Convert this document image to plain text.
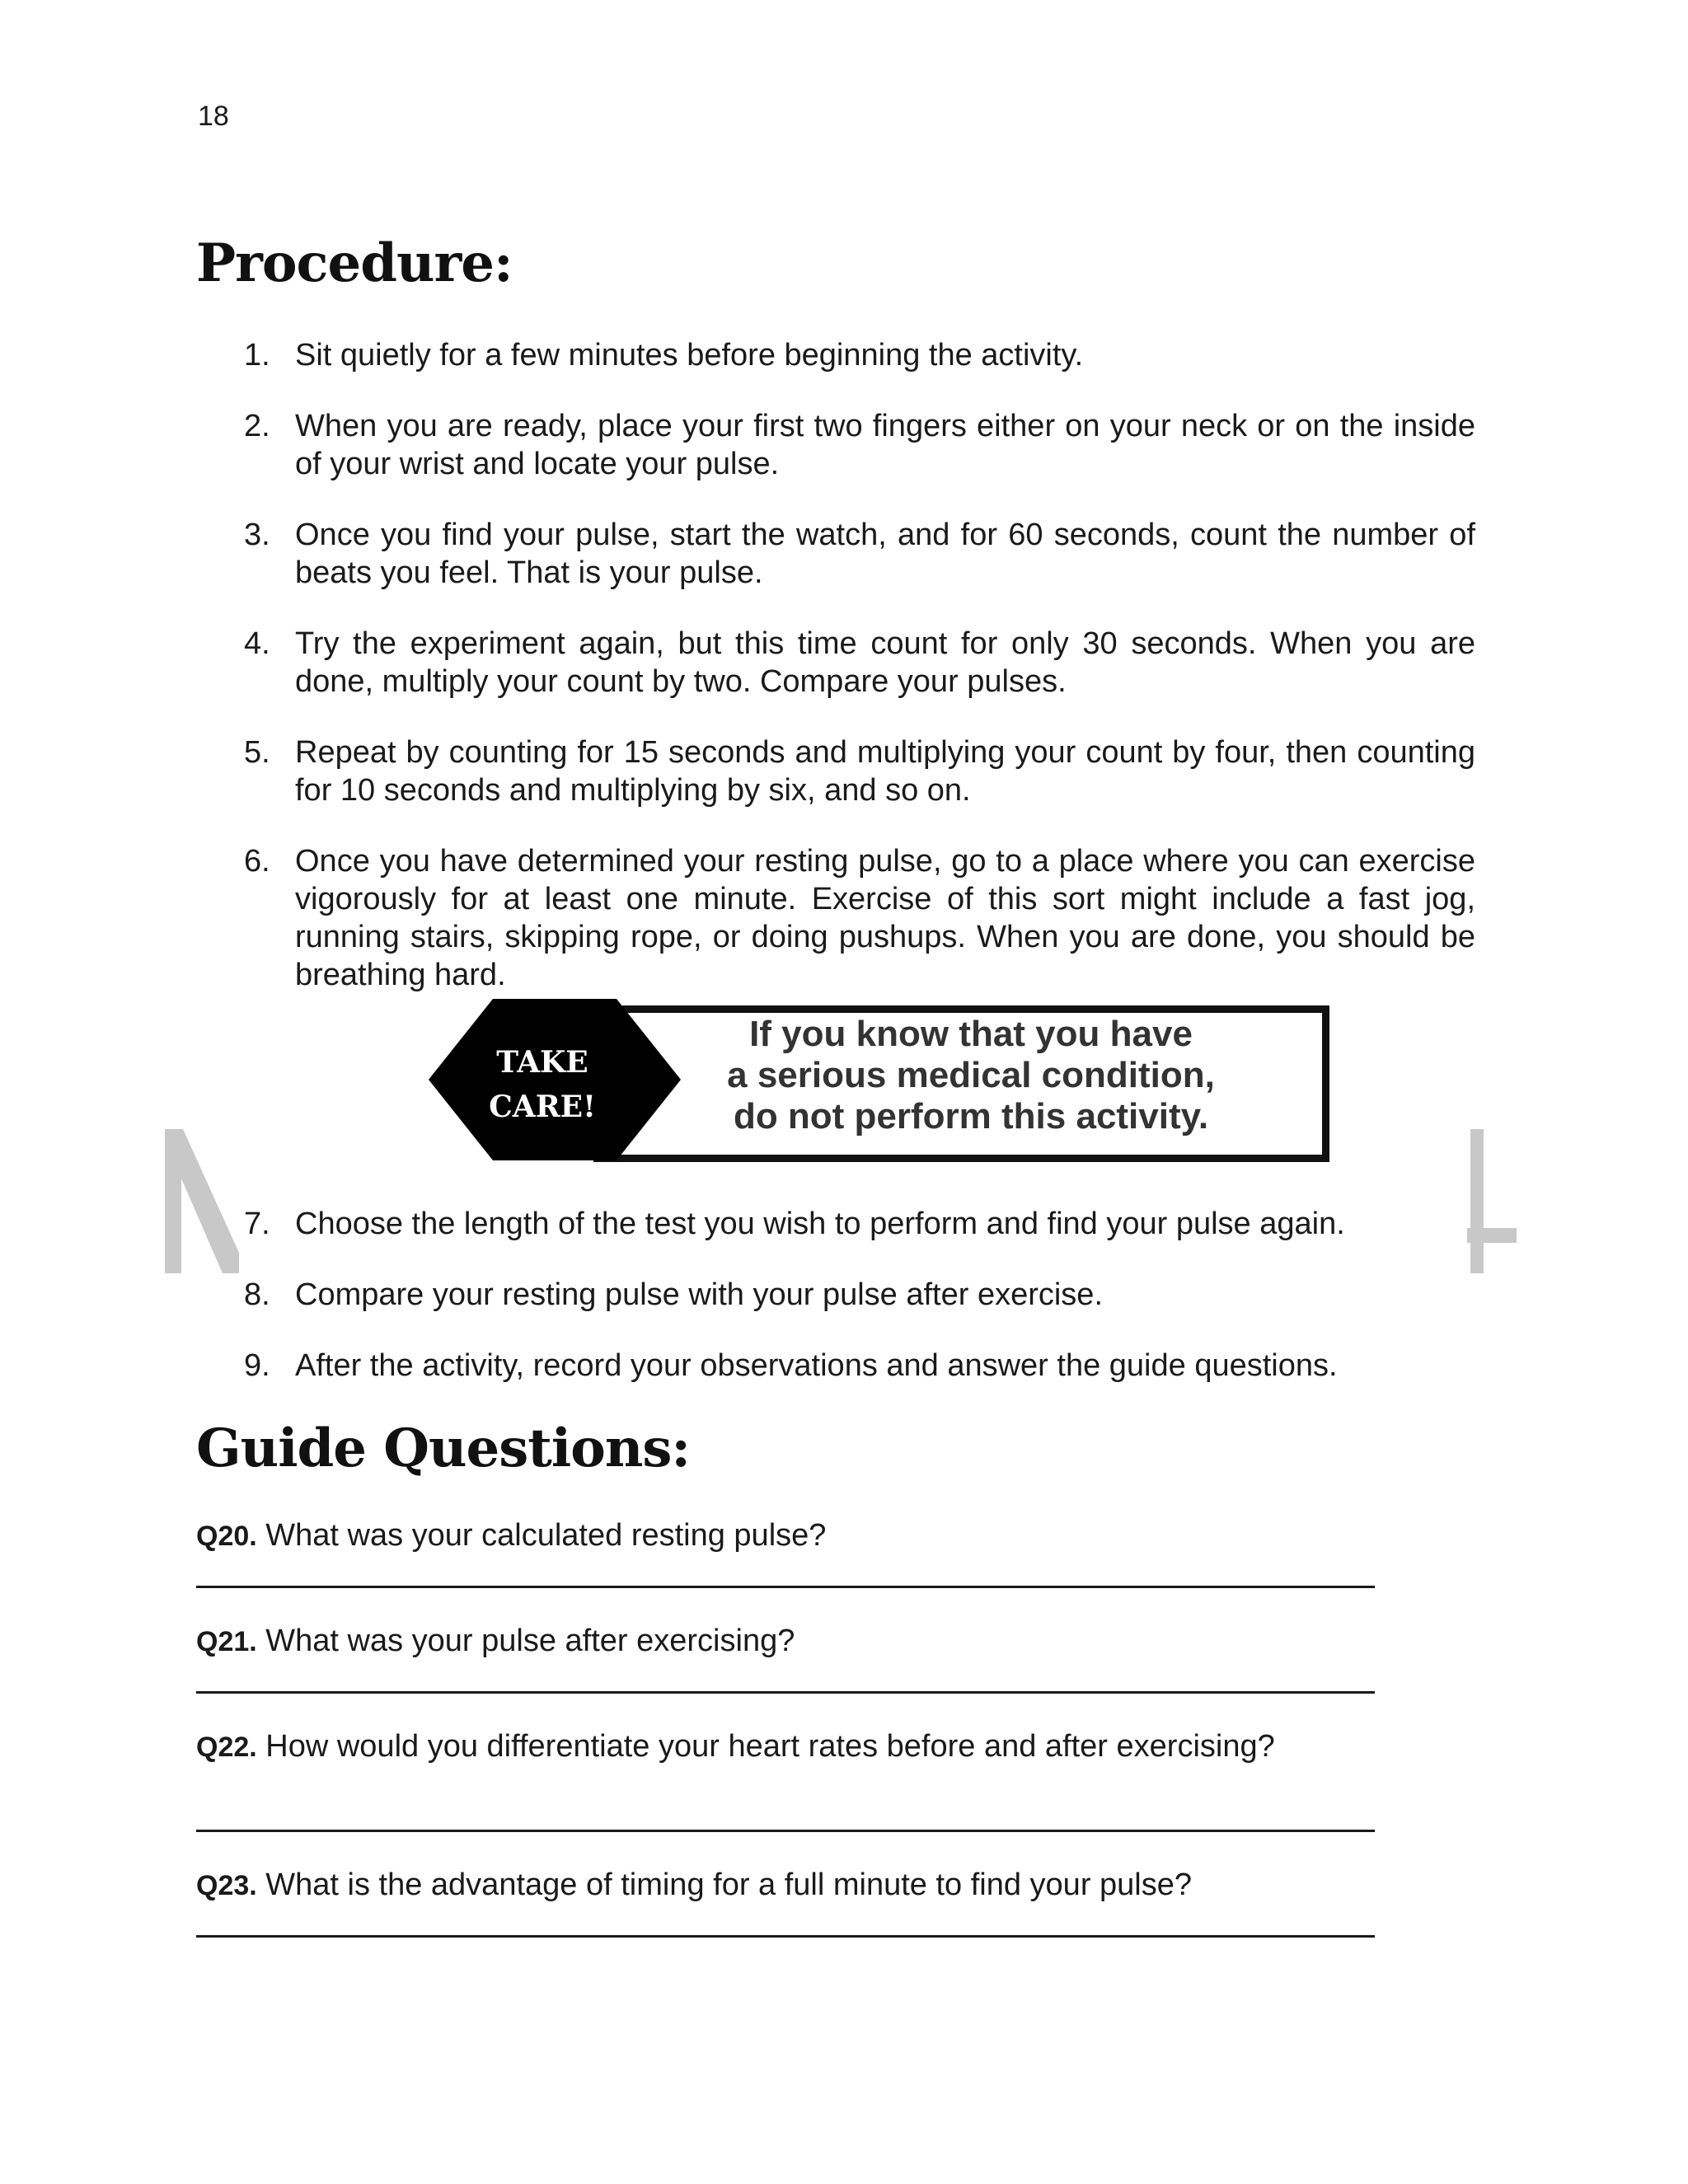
18
Procedure:
1. Sit quietly for a few minutes before beginning the activity.
2. When you are ready, place your first two fingers either on your neck or on the inside of your wrist and locate your pulse.
3. Once you find your pulse, start the watch, and for 60 seconds, count the number of beats you feel. That is your pulse.
4. Try the experiment again, but this time count for only 30 seconds. When you are done, multiply your count by two. Compare your pulses.
5. Repeat by counting for 15 seconds and multiplying your count by four, then counting for 10 seconds and multiplying by six, and so on.
6. Once you have determined your resting pulse, go to a place where you can exercise vigorously for at least one minute. Exercise of this sort might include a fast jog, running stairs, skipping rope, or doing pushups. When you are done, you should be breathing hard.
If you know that you have
a serious medical condition,
do not perform this activity.
TAKE
CARE!
7. Choose the length of the test you wish to perform and find your pulse again.
8. Compare your resting pulse with your pulse after exercise.
9. After the activity, record your observations and answer the guide questions.
Guide Questions:
Q20. What was your calculated resting pulse?
Q21. What was your pulse after exercising?
Q22. How would you differentiate your heart rates before and after exercising?
Q23. What is the advantage of timing for a full minute to find your pulse?
